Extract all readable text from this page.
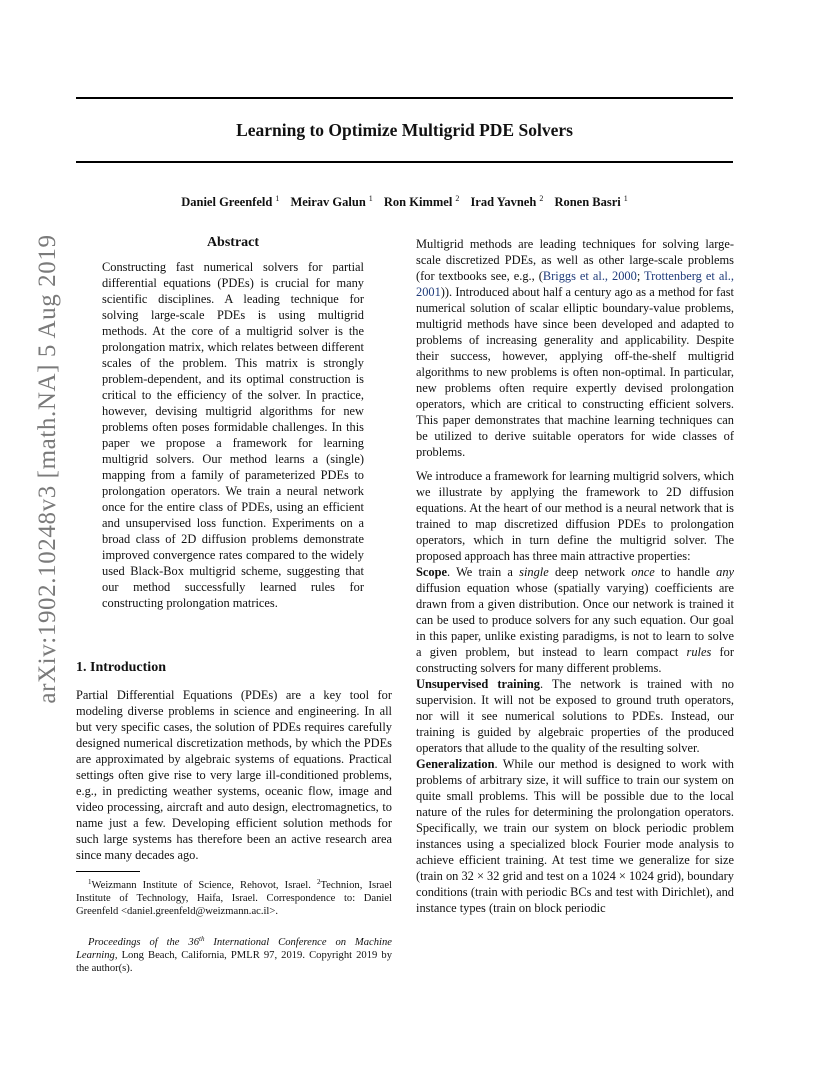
Learning to Optimize Multigrid PDE Solvers
Daniel Greenfeld $^1$ Meirav Galun $^1$ Ron Kimmel $^2$ Irad Yavneh $^2$ Ronen Basri $^1$
arXiv:1902.10248v3 [math.NA] 5 Aug 2019	Abstract

Constructing fast numerical solvers for partial differential equations (PDEs) is crucial for many scientific disciplines. A leading technique for solving large-scale PDEs is using multigrid methods. At the core of a multigrid solver is the prolongation matrix, which relates between different scales of the problem. This matrix is strongly problem-dependent, and its optimal construction is critical to the efficiency of the solver. In practice, however, devising multigrid algorithms for new problems often poses formidable challenges. In this paper we propose a framework for learning multigrid solvers. Our method learns a (single) mapping from a family of parameterized PDEs to prolongation operators. We train a neural network once for the entire class of PDEs, using an efficient and unsupervised loss function. Experiments on a broad class of 2D diffusion problems demonstrate improved convergence rates compared to the widely used Black-Box multigrid scheme, suggesting that our method successfully learned rules for constructing prolongation matrices.

1. Introduction

Partial Differential Equations (PDEs) are a key tool for modeling diverse problems in science and engineering. In all but very specific cases, the solution of PDEs requires carefully designed numerical discretization methods, by which the PDEs are approximated by algebraic systems of equations. Practical settings often give rise to very large ill-conditioned problems, e.g., in predicting weather systems, oceanic flow, image and video processing, aircraft and auto design, electromagnetics, to name just a few. Developing efficient solution methods for such large systems has therefore been an active research area since many decades ago.

$^1$Weizmann Institute of Science, Rehovot, Israel. $^2$Technion, Israel Institute of Technology, Haifa, Israel. Correspondence to: Daniel Greenfeld <daniel.greenfeld@weizmann.ac.il>.
Proceedings of the 36th International Conference on Machine Learning, Long Beach, California, PMLR 97, 2019. Copyright 2019 by the author(s).

Multigrid methods are leading techniques for solving large-scale discretized PDEs, as well as other large-scale problems (for textbooks see, e.g., (Briggs et al., 2000; Trottenberg et al., 2001)). Introduced about half a century ago as a method for fast numerical solution of scalar elliptic boundary-value problems, multigrid methods have since been developed and adapted to problems of increasing generality and applicability. Despite their success, however, applying off-the-shelf multigrid algorithms to new problems is often non-optimal. In particular, new problems often require expertly devised prolongation operators, which are critical to constructing efficient solvers. This paper demonstrates that machine learning techniques can be utilized to derive suitable operators for wide classes of problems.

We introduce a framework for learning multigrid solvers, which we illustrate by applying the framework to 2D diffusion equations. At the heart of our method is a neural network that is trained to map discretized diffusion PDEs to prolongation operators, which in turn define the multigrid solver. The proposed approach has three main attractive properties:
Scope. We train a single deep network once to handle any diffusion equation whose (spatially varying) coefficients are drawn from a given distribution. Once our network is trained it can be used to produce solvers for any such equation. Our goal in this paper, unlike existing paradigms, is not to learn to solve a given problem, but instead to learn compact rules for constructing solvers for many different problems.
Unsupervised training. The network is trained with no supervision. It will not be exposed to ground truth operators, nor will it see numerical solutions to PDEs. Instead, our training is guided by algebraic properties of the produced operators that allude to the quality of the resulting solver.
Generalization. While our method is designed to work with problems of arbitrary size, it will suffice to train our system on quite small problems. This will be possible due to the local nature of the rules for determining the prolongation operators. Specifically, we train our system on block periodic problem instances using a specialized block Fourier mode analysis to achieve efficient training. At test time we generalize for size (train on 32 × 32 grid and test on a 1024 × 1024 grid), boundary conditions (train with periodic BCs and test with Dirichlet), and instance types (train on block periodic
